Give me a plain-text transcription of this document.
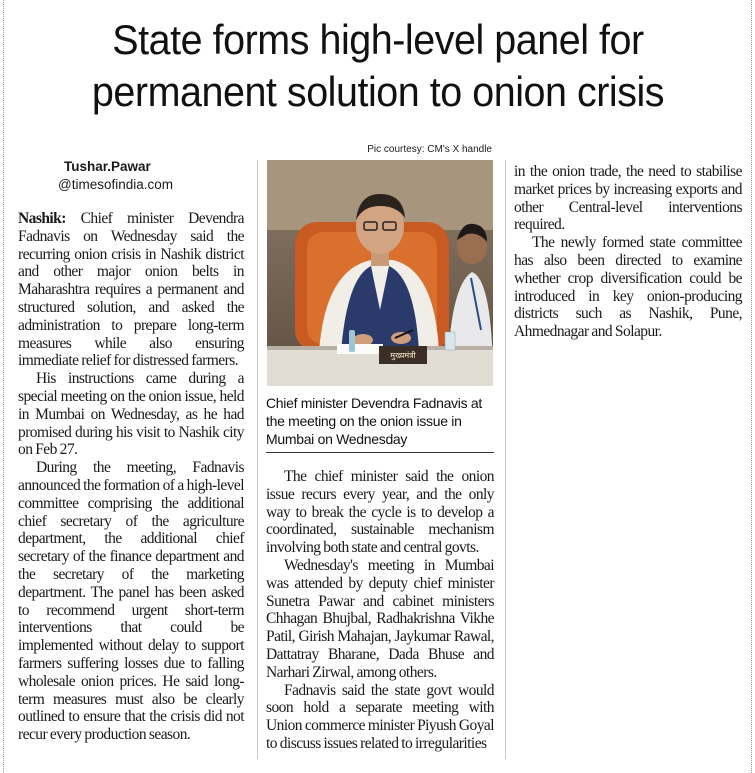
State forms high-level panel for
permanent solution to onion crisis
Pic courtesy: CM's X handle
Tushar.Pawar
@timesofindia.com
मुख्यमंत्री
Chief minister Devendra Fadnavis at the meeting on the onion issue in Mumbai on Wednesday

Nashik: Chief minister Devendra Fadnavis on Wednesday said the recurring onion crisis in Nashik district and other major onion belts in Maharashtra requires a permanent and structured solution, and asked the administration to prepare long-term measures while also ensuring immediate relief for distressed farmers.

His instructions came during a special meeting on the onion issue, held in Mumbai on Wednesday, as he had promised during his visit to Nashik city on Feb 27.

During the meeting, Fadnavis announced the formation of a high-level committee comprising the additional chief secretary of the agriculture department, the additional chief secretary of the finance department and the secretary of the marketing department. The panel has been asked to recommend urgent short-term interventions that could be implemented without delay to support farmers suffering losses due to falling wholesale onion prices. He said long-term measures must also be clearly outlined to ensure that the crisis did not recur every production season.

The chief minister said the onion issue recurs every year, and the only way to break the cycle is to develop a coordinated, sustainable mechanism involving both state and central govts.

Wednesday's meeting in Mumbai was attended by deputy chief minister Sunetra Pawar and cabinet ministers Chhagan Bhujbal, Radhakrishna Vikhe Patil, Girish Mahajan, Jaykumar Rawal, Dattatray Bharane, Dada Bhuse and Narhari Zirwal, among others.

Fadnavis said the state govt would soon hold a separate meeting with Union commerce minister Piyush Goyal to discuss issues related to irregularities

in the onion trade, the need to stabilise market prices by increasing exports and other Central-level interventions required.

The newly formed state committee has also been directed to examine whether crop diversification could be introduced in key onion-producing districts such as Nashik, Pune, Ahmednagar and Solapur.
